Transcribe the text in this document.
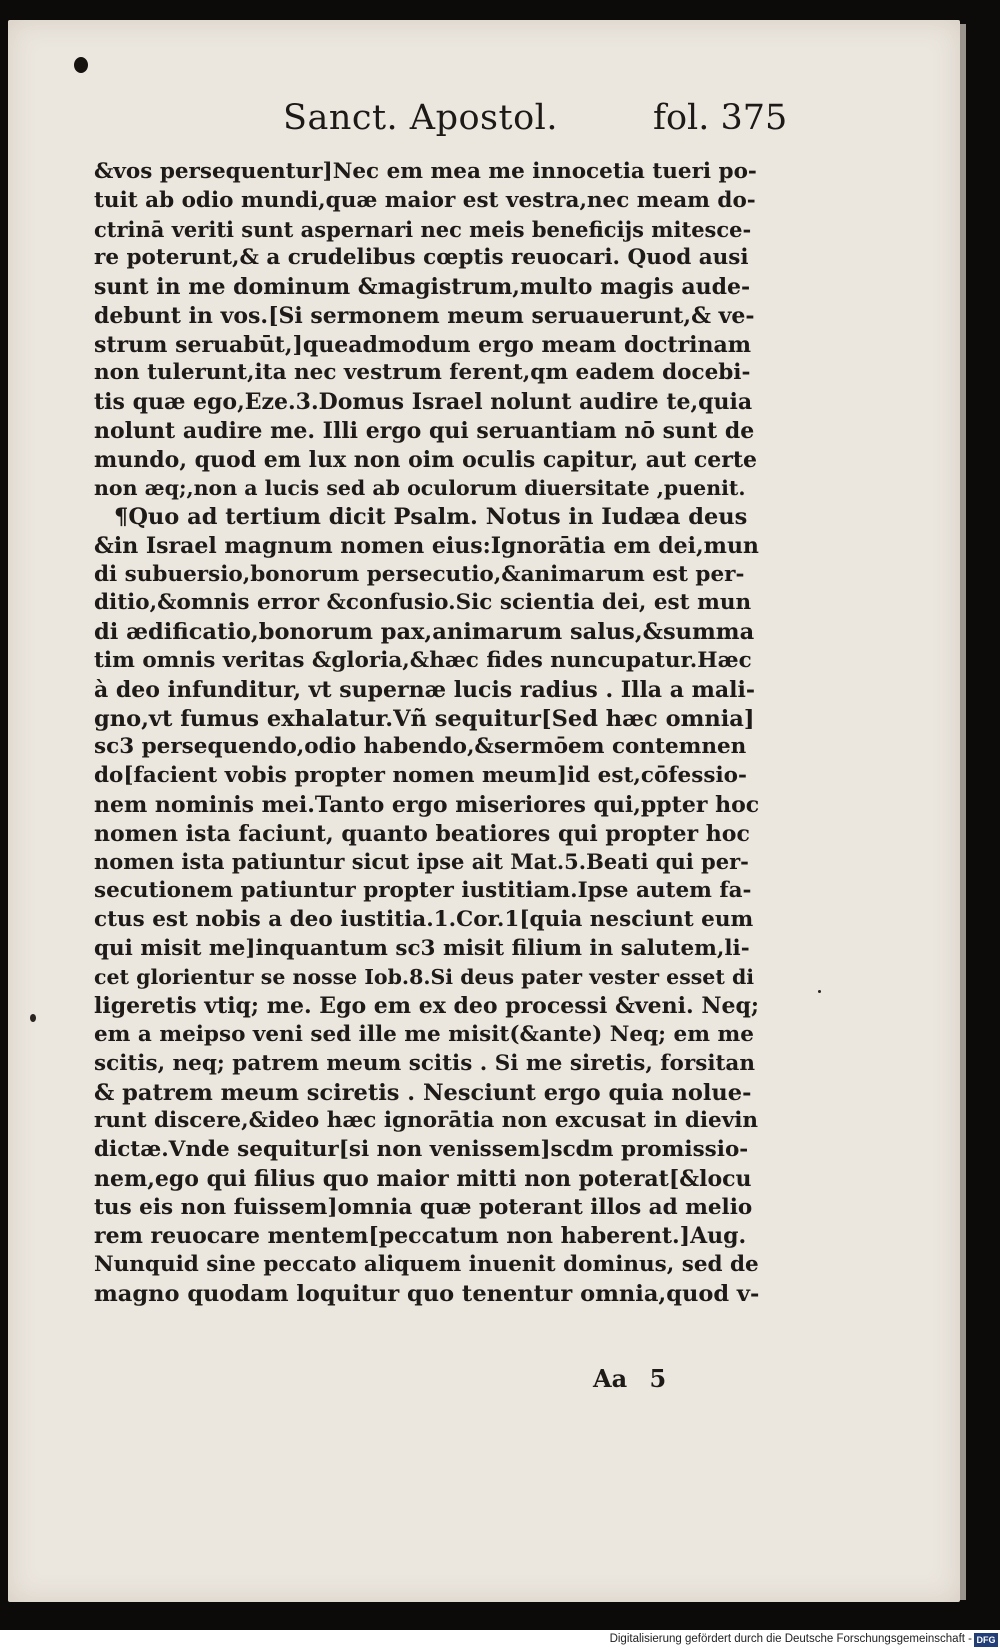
Sanct. Apostol.	fol. 375
&vos persequentur]Nec em mea me innocetia tueri po-
tuit ab odio mundi,quæ maior est vestra,nec meam do-
ctrinā veriti sunt aspernari nec meis beneficijs mitesce-
re poterunt,& a crudelibus cœptis reuocari. Quod ausi
sunt in me dominum &magistrum,multo magis aude-
debunt in vos.[Si sermonem meum seruauerunt,& ve-
strum seruabūt,]queadmodum ergo meam doctrinam
non tulerunt,ita nec vestrum ferent,qm eadem docebi-
tis quæ ego,Eze.3.Domus Israel nolunt audire te,quia
nolunt audire me. Illi ergo qui seruantiam nō sunt de
mundo, quod em lux non oim oculis capitur, aut certe
non æq;,non a lucis sed ab oculorum diuersitate ,puenit.
¶Quo ad tertium dicit Psalm. Notus in Iudæa deus
&in Israel magnum nomen eius:Ignorātia em dei,mun
di subuersio,bonorum persecutio,&animarum est per-
ditio,&omnis error &confusio.Sic scientia dei, est mun
di ædificatio,bonorum pax,animarum salus,&summa
tim omnis veritas &gloria,&hæc fides nuncupatur.Hæc
à deo infunditur, vt supernæ lucis radius . Illa a mali-
gno,vt fumus exhalatur.Vñ sequitur[Sed hæc omnia]
sc3 persequendo,odio habendo,&sermōem contemnen
do[facient vobis propter nomen meum]id est,cōfessio-
nem nominis mei.Tanto ergo miseriores qui,ppter hoc
nomen ista faciunt, quanto beatiores qui propter hoc
nomen ista patiuntur sicut ipse ait Mat.5.Beati qui per-
secutionem patiuntur propter iustitiam.Ipse autem fa-
ctus est nobis a deo iustitia.1.Cor.1[quia nesciunt eum
qui misit me]inquantum sc3 misit filium in salutem,li-
cet glorientur se nosse Iob.8.Si deus pater vester esset di
ligeretis vtiq; me. Ego em ex deo processi &veni. Neq;
em a meipso veni sed ille me misit(&ante) Neq; em me
scitis, neq; patrem meum scitis . Si me siretis, forsitan
& patrem meum sciretis . Nesciunt ergo quia nolue-
runt discere,&ideo hæc ignorātia non excusat in dievin
dictæ.Vnde sequitur[si non venissem]scdm promissio-
nem,ego qui filius quo maior mitti non poterat[&locu
tus eis non fuissem]omnia quæ poterant illos ad melio
rem reuocare mentem[peccatum non haberent.]Aug.
Nunquid sine peccato aliquem inuenit dominus, sed de
magno quodam loquitur quo tenentur omnia,quod v-
Aa 5
Digitalisierung gefördert durch die Deutsche Forschungsgemeinschaft - DFG
